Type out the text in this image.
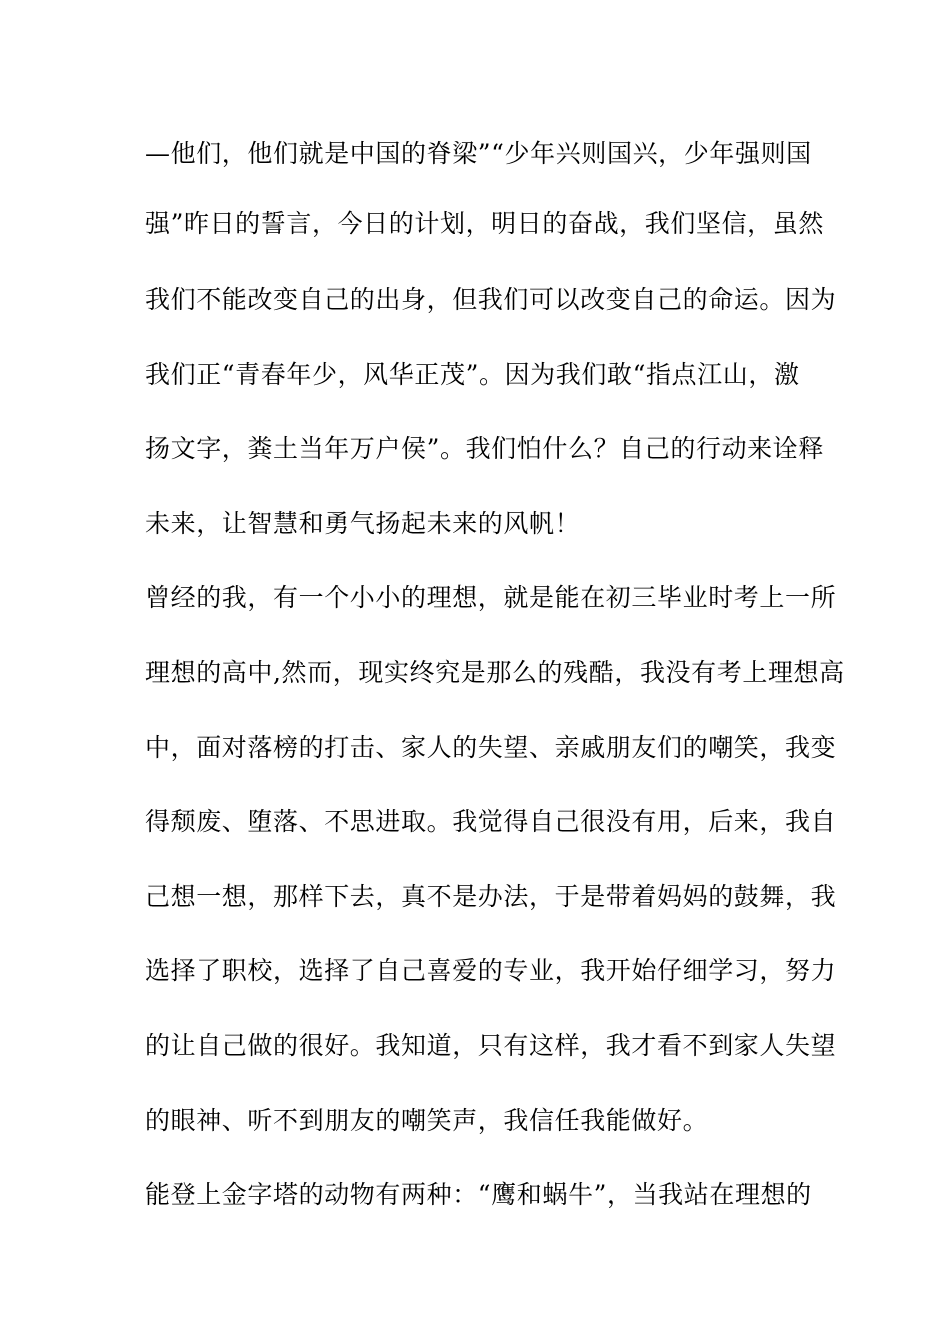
—他们，他们就是中国的脊梁”“少年兴则国兴，少年强则国
强”昨日的誓言，今日的计划，明日的奋战，我们坚信，虽然
我们不能改变自己的出身，但我们可以改变自己的命运。因为
我们正“青春年少，风华正茂”。因为我们敢“指点江山，激
扬文字，粪土当年万户侯”。我们怕什么？自己的行动来诠释
未来，让智慧和勇气扬起未来的风帆！
曾经的我，有一个小小的理想，就是能在初三毕业时考上一所
理想的高中,然而，现实终究是那么的残酷，我没有考上理想高
中，面对落榜的打击、家人的失望、亲戚朋友们的嘲笑，我变
得颓废、堕落、不思进取。我觉得自己很没有用，后来，我自
己想一想，那样下去，真不是办法，于是带着妈妈的鼓舞，我
选择了职校，选择了自己喜爱的专业，我开始仔细学习，努力
的让自己做的很好。我知道，只有这样，我才看不到家人失望
的眼神、听不到朋友的嘲笑声，我信任我能做好。
能登上金字塔的动物有两种：“鹰和蜗牛”，当我站在理想的
